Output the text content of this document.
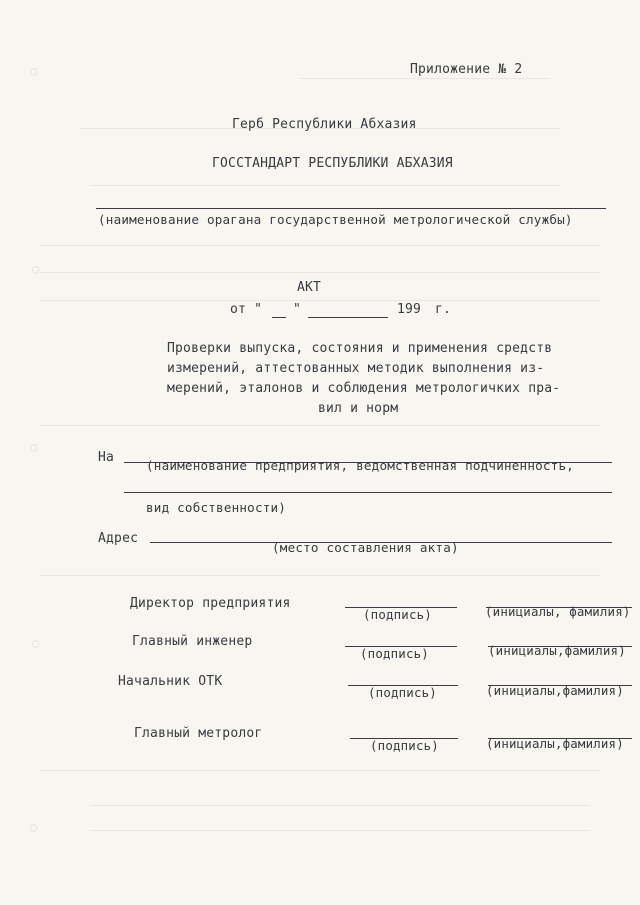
◌
◌
◌
◌
◌
Приложение № 2
Герб Республики Абхазия
ГОССТАНДАРТ РЕСПУБЛИКИ АБХАЗИЯ
(наименование орагана государственной метрологической службы)
АКТ
от " "	199 г.
Проверки выпуска, состояния и применения средств
измерений, аттестованных методик выполнения из-
мерений, эталонов и соблюдения метрологичких пра-
вил и норм
На
(наименование предприятия, ведомственная подчиненность,
вид собственности)
Адрес
(место составления акта)
Директор предприятия
(подпись)	(инициалы, фамилия)
Главный инженер
(подпись)	(инициалы,фамилия)
Начальник ОТК
(подпись)	(инициалы,фамилия)
Главный метролог
(подпись)	(инициалы,фамилия)
